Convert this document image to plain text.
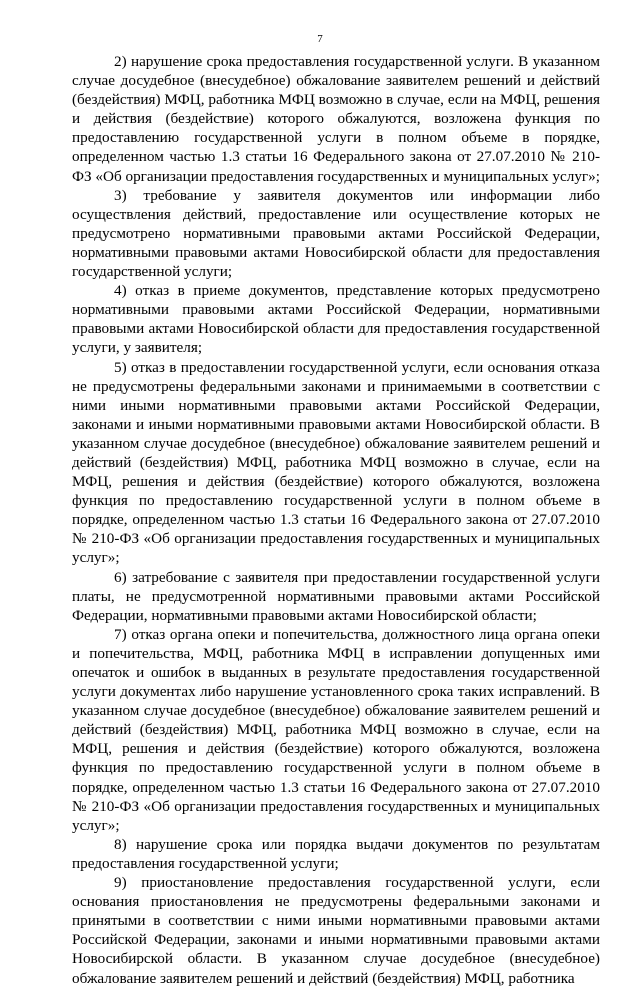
7

2) нарушение срока предоставления государственной услуги. В указанном случае досудебное (внесудебное) обжалование заявителем решений и действий (бездействия) МФЦ, работника МФЦ возможно в случае, если на МФЦ, решения и действия (бездействие) которого обжалуются, возложена функция по предоставлению государственной услуги в полном объеме в порядке, определенном частью 1.3 статьи 16 Федерального закона от 27.07.2010 № 210-ФЗ «Об организации предоставления государственных и муниципальных услуг»;

3) требование у заявителя документов или информации либо осуществления действий, предоставление или осуществление которых не предусмотрено нормативными правовыми актами Российской Федерации, нормативными правовыми актами Новосибирской области для предоставления государственной услуги;

4) отказ в приеме документов, представление которых предусмотрено нормативными правовыми актами Российской Федерации, нормативными правовыми актами Новосибирской области для предоставления государственной услуги, у заявителя;

5) отказ в предоставлении государственной услуги, если основания отказа не предусмотрены федеральными законами и принимаемыми в соответствии с ними иными нормативными правовыми актами Российской Федерации, законами и иными нормативными правовыми актами Новосибирской области. В указанном случае досудебное (внесудебное) обжалование заявителем решений и действий (бездействия) МФЦ, работника МФЦ возможно в случае, если на МФЦ, решения и действия (бездействие) которого обжалуются, возложена функция по предоставлению государственной услуги в полном объеме в порядке, определенном частью 1.3 статьи 16 Федерального закона от 27.07.2010 № 210-ФЗ «Об организации предоставления государственных и муниципальных услуг»;

6) затребование с заявителя при предоставлении государственной услуги платы, не предусмотренной нормативными правовыми актами Российской Федерации, нормативными правовыми актами Новосибирской области;

7) отказ органа опеки и попечительства, должностного лица органа опеки и попечительства, МФЦ, работника МФЦ в исправлении допущенных ими опечаток и ошибок в выданных в результате предоставления государственной услуги документах либо нарушение установленного срока таких исправлений. В указанном случае досудебное (внесудебное) обжалование заявителем решений и действий (бездействия) МФЦ, работника МФЦ возможно в случае, если на МФЦ, решения и действия (бездействие) которого обжалуются, возложена функция по предоставлению государственной услуги в полном объеме в порядке, определенном частью 1.3 статьи 16 Федерального закона от 27.07.2010 № 210-ФЗ «Об организации предоставления государственных и муниципальных услуг»;

8) нарушение срока или порядка выдачи документов по результатам предоставления государственной услуги;

9) приостановление предоставления государственной услуги, если основания приостановления не предусмотрены федеральными законами и принятыми в соответствии с ними иными нормативными правовыми актами Российской Федерации, законами и иными нормативными правовыми актами Новосибирской области. В указанном случае досудебное (внесудебное) обжалование заявителем решений и действий (бездействия) МФЦ, работника
